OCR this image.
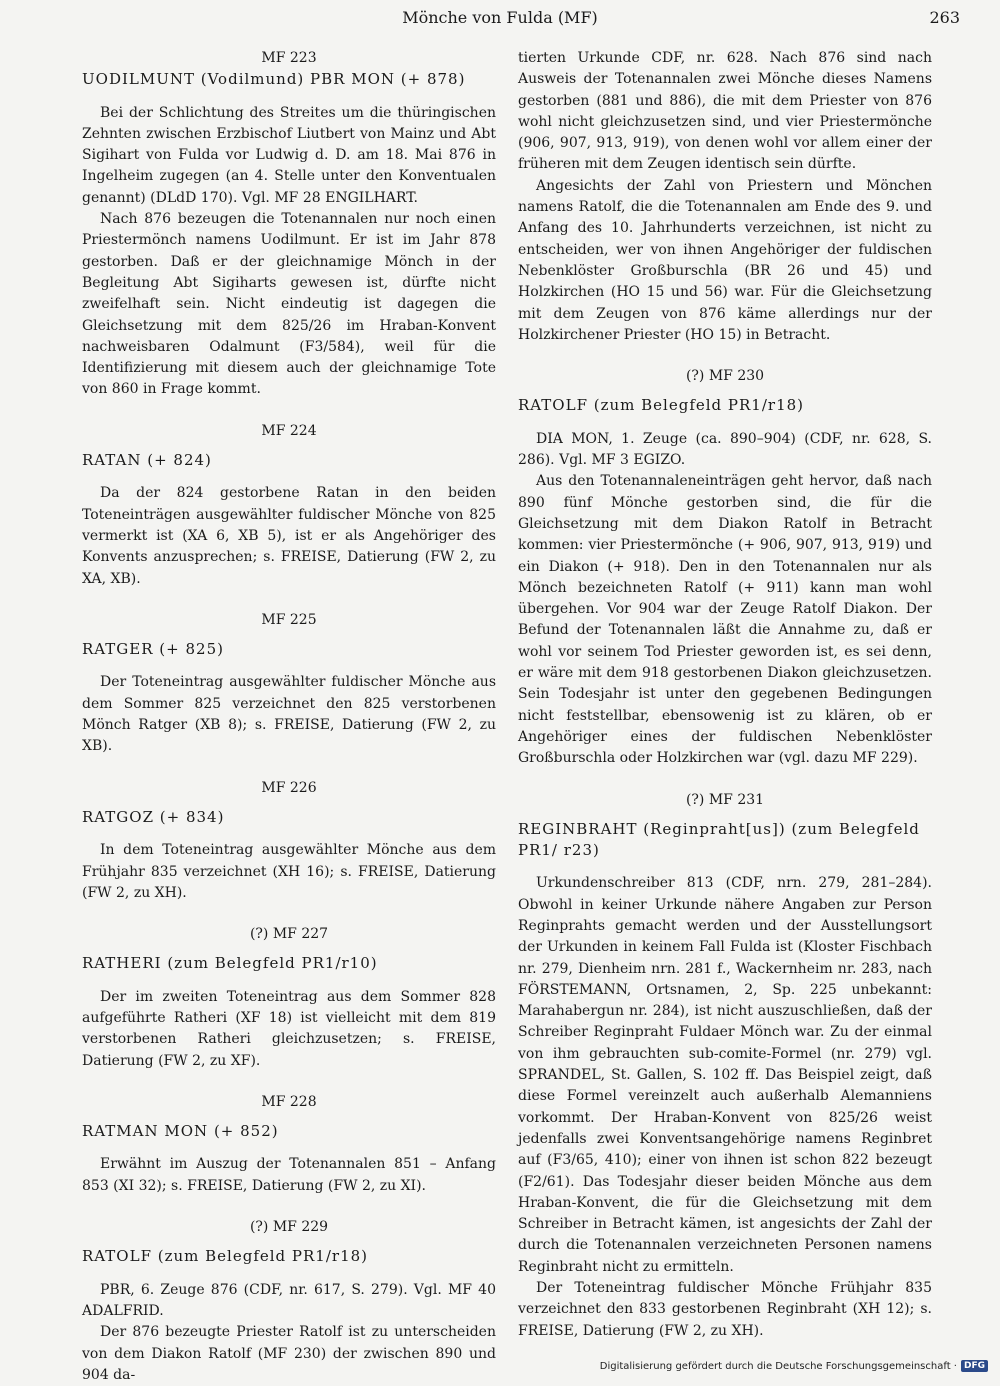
Mönche von Fulda (MF)	263

MF 223

UODILMUNT (Vodilmund) PBR MON (+ 878)

Bei der Schlichtung des Streites um die thüringischen Zehnten zwischen Erzbischof Liutbert von Mainz und Abt Sigihart von Fulda vor Ludwig d. D. am 18. Mai 876 in Ingelheim zugegen (an 4. Stelle unter den Konventualen genannt) (DLdD 170). Vgl. MF 28 ENGILHART.

Nach 876 bezeugen die Totenannalen nur noch einen Priestermönch namens Uodilmunt. Er ist im Jahr 878 gestorben. Daß er der gleichnamige Mönch in der Begleitung Abt Sigiharts gewesen ist, dürfte nicht zweifelhaft sein. Nicht eindeutig ist dagegen die Gleichsetzung mit dem 825/26 im Hraban-Konvent nachweisbaren Odalmunt (F3/584), weil für die Identifizierung mit diesem auch der gleichnamige Tote von 860 in Frage kommt.

MF 224

RATAN (+ 824)

Da der 824 gestorbene Ratan in den beiden Toteneinträgen ausgewählter fuldischer Mönche von 825 vermerkt ist (XA 6, XB 5), ist er als Angehöriger des Konvents anzusprechen; s. FREISE, Datierung (FW 2, zu XA, XB).

MF 225

RATGER (+ 825)

Der Toteneintrag ausgewählter fuldischer Mönche aus dem Sommer 825 verzeichnet den 825 verstorbenen Mönch Ratger (XB 8); s. FREISE, Datierung (FW 2, zu XB).

MF 226

RATGOZ (+ 834)

In dem Toteneintrag ausgewählter Mönche aus dem Frühjahr 835 verzeichnet (XH 16); s. FREISE, Datierung (FW 2, zu XH).

(?) MF 227

RATHERI (zum Belegfeld PR1/r10)

Der im zweiten Toteneintrag aus dem Sommer 828 aufgeführte Ratheri (XF 18) ist vielleicht mit dem 819 verstorbenen Ratheri gleichzusetzen; s. FREISE, Datierung (FW 2, zu XF).

MF 228

RATMAN MON (+ 852)

Erwähnt im Auszug der Totenannalen 851 – Anfang 853 (XI 32); s. FREISE, Datierung (FW 2, zu XI).

(?) MF 229

RATOLF (zum Belegfeld PR1/r18)

PBR, 6. Zeuge 876 (CDF, nr. 617, S. 279). Vgl. MF 40 ADALFRID.

Der 876 bezeugte Priester Ratolf ist zu unterscheiden von dem Diakon Ratolf (MF 230) der zwischen 890 und 904 da-

tierten Urkunde CDF, nr. 628. Nach 876 sind nach Ausweis der Totenannalen zwei Mönche dieses Namens gestorben (881 und 886), die mit dem Priester von 876 wohl nicht gleichzusetzen sind, und vier Priestermönche (906, 907, 913, 919), von denen wohl vor allem einer der früheren mit dem Zeugen identisch sein dürfte.

Angesichts der Zahl von Priestern und Mönchen namens Ratolf, die die Totenannalen am Ende des 9. und Anfang des 10. Jahrhunderts verzeichnen, ist nicht zu entscheiden, wer von ihnen Angehöriger der fuldischen Nebenklöster Großburschla (BR 26 und 45) und Holzkirchen (HO 15 und 56) war. Für die Gleichsetzung mit dem Zeugen von 876 käme allerdings nur der Holzkirchener Priester (HO 15) in Betracht.

(?) MF 230

RATOLF (zum Belegfeld PR1/r18)

DIA MON, 1. Zeuge (ca. 890–904) (CDF, nr. 628, S. 286). Vgl. MF 3 EGIZO.

Aus den Totenannaleneinträgen geht hervor, daß nach 890 fünf Mönche gestorben sind, die für die Gleichsetzung mit dem Diakon Ratolf in Betracht kommen: vier Priestermönche (+ 906, 907, 913, 919) und ein Diakon (+ 918). Den in den Totenannalen nur als Mönch bezeichneten Ratolf (+ 911) kann man wohl übergehen. Vor 904 war der Zeuge Ratolf Diakon. Der Befund der Totenannalen läßt die Annahme zu, daß er wohl vor seinem Tod Priester geworden ist, es sei denn, er wäre mit dem 918 gestorbenen Diakon gleichzusetzen. Sein Todesjahr ist unter den gegebenen Bedingungen nicht feststellbar, ebensowenig ist zu klären, ob er Angehöriger eines der fuldischen Nebenklöster Großburschla oder Holzkirchen war (vgl. dazu MF 229).

(?) MF 231

REGINBRAHT (Reginpraht[us]) (zum Belegfeld PR1/ r23)

Urkundenschreiber 813 (CDF, nrn. 279, 281–284). Obwohl in keiner Urkunde nähere Angaben zur Person Reginprahts gemacht werden und der Ausstellungsort der Urkunden in keinem Fall Fulda ist (Kloster Fischbach nr. 279, Dienheim nrn. 281 f., Wackernheim nr. 283, nach FÖRSTEMANN, Ortsnamen, 2, Sp. 225 unbekannt: Marahabergun nr. 284), ist nicht auszuschließen, daß der Schreiber Reginpraht Fuldaer Mönch war. Zu der einmal von ihm gebrauchten sub-comite-Formel (nr. 279) vgl. SPRANDEL, St. Gallen, S. 102 ff. Das Beispiel zeigt, daß diese Formel vereinzelt auch außerhalb Alemanniens vorkommt. Der Hraban-Konvent von 825/26 weist jedenfalls zwei Konventsangehörige namens Reginbret auf (F3/65, 410); einer von ihnen ist schon 822 bezeugt (F2/61). Das Todesjahr dieser beiden Mönche aus dem Hraban-Konvent, die für die Gleichsetzung mit dem Schreiber in Betracht kämen, ist angesichts der Zahl der durch die Totenannalen verzeichneten Personen namens Reginbraht nicht zu ermitteln.

Der Toteneintrag fuldischer Mönche Frühjahr 835 verzeichnet den 833 gestorbenen Reginbraht (XH 12); s. FREISE, Datierung (FW 2, zu XH).

Digitalisierung gefördert durch die Deutsche Forschungsgemeinschaft · DFG
